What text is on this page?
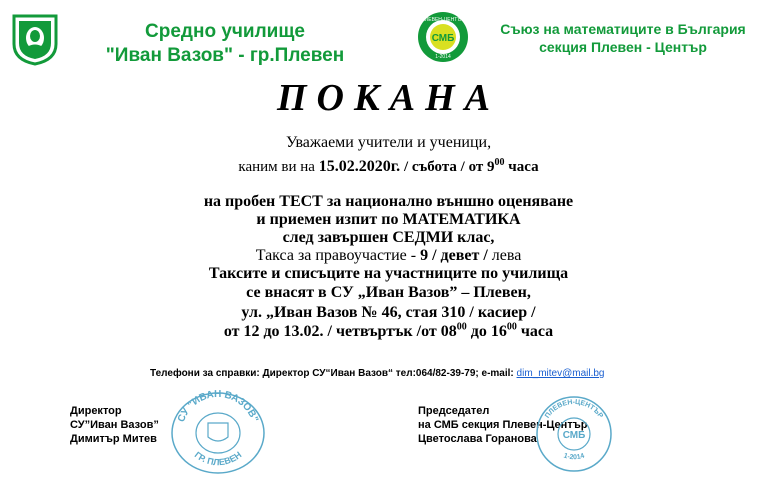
Средно училище
"Иван Вазов" - гр.Плевен
СМБ
ПЛЕВЕН-ЦЕНТЪР
1-2014
Съюз на математиците в България
секция Плевен - Център
ПОКАНА
Уважаеми учители и ученици,
каним ви на 15.02.2020г. / събота / от $9^{00}$ часа
на пробен ТЕСТ за национално външно оценяване
и приемен изпит по МАТЕМАТИКА
след завършен СЕДМИ клас,
Такса за правоучастие - 9 / девет / лева
Таксите и списъците на участниците по училища
се внасят в СУ „Иван Вазов” – Плевен,
ул. „Иван Вазов № 46, стая 310 / касиер /
от 12 до 13.02. / четвъртък /от $08^{00}$ до $16^{00}$ часа
Телефони за справки: Директор СУ“Иван Вазов“ тел:064/82-39-79; e-mail: dim_mitev@mail.bg
Директор
СУ”Иван Вазов”
Димитър Митев
СУ "ИВАН ВАЗОВ"
ГР. ПЛЕВЕН
Председател
на СМБ секция Плевен-Център
Цветослава Горанова
ПЛЕВЕН-ЦЕНТЪР
СМБ
1-2014
